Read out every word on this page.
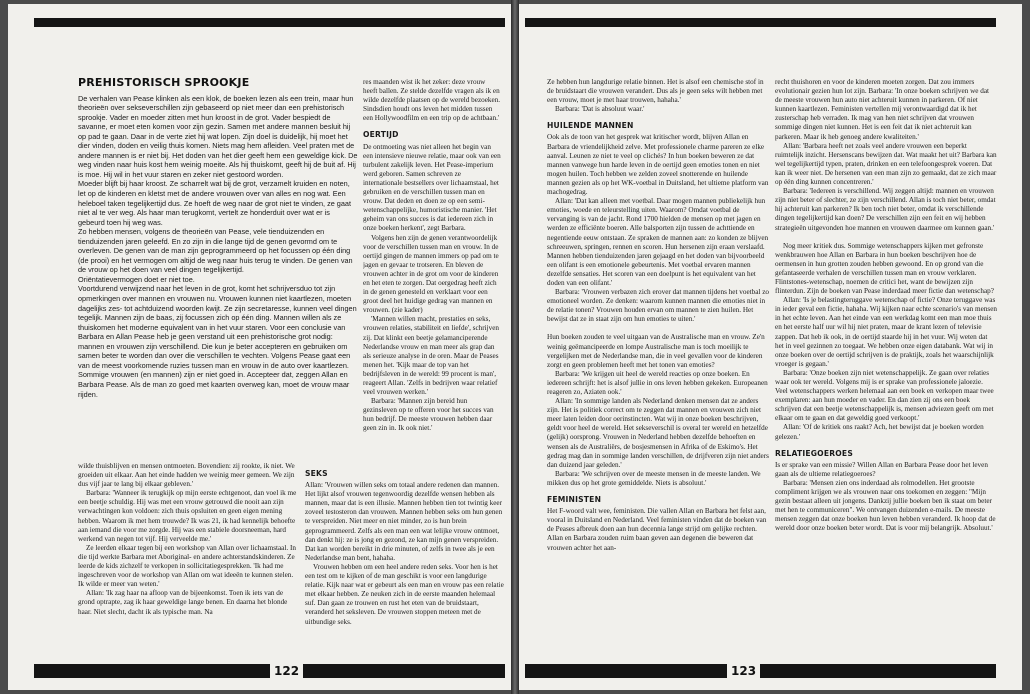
PREHISTORISCH SPROOKJE

De verhalen van Pease klinken als een klok, de boeken lezen als een trein, maar hun theorieën over sekseverschillen zijn gebaseerd op niet meer dan een prehistorisch sprookje. Vader en moeder zitten met hun kroost in de grot. Vader bespiedt de savanne, er moet eten komen voor zijn gezin. Samen met andere mannen besluit hij op pad te gaan. Daar in de verte ziet hij wat lopen. Zijn doel is duidelijk, hij moet het dier vinden, doden en veilig thuis komen. Niets mag hem afleiden. Veel praten met de andere mannen is er niet bij. Het doden van het dier geeft hem een geweldige kick. De weg vinden naar huis kost hem weinig moeite. Als hij thuiskomt, geeft hij de buit af. Hij is moe. Hij wil in het vuur staren en zeker niet gestoord worden.

Moeder blijft bij haar kroost. Ze scharrelt wat bij de grot, verzamelt kruiden en noten, let op de kinderen en kletst met de andere vrouwen over van alles en nog wat. Een heleboel taken tegelijkertijd dus. Ze hoeft de weg naar de grot niet te vinden, ze gaat niet al te ver weg. Als haar man terugkomt, vertelt ze honderduit over wat er is gebeurd toen hij weg was.

Zo hebben mensen, volgens de theorieën van Pease, vele tienduizenden en tienduizenden jaren geleefd. En zo zijn in die lange tijd de genen gevormd om te overleven. De genen van de man zijn geprogrammeerd op het focussen op één ding (de prooi) en het vermogen om altijd de weg naar huis terug te vinden. De genen van de vrouw op het doen van veel dingen tegelijkertijd.

Oriëntatievermogen doet er niet toe.

Voortdurend verwijzend naar het leven in de grot, komt het schrijversduo tot zijn opmerkingen over mannen en vrouwen nu. Vrouwen kunnen niet kaartlezen, moeten dagelijks zes- tot achtduizend woorden kwijt. Ze zijn secretaresse, kunnen veel dingen tegelijk. Mannen zijn de baas, zij focussen zich op één ding. Mannen willen als ze thuiskomen het moderne equivalent van in het vuur staren. Voor een conclusie van Barbara en Allan Pease heb je geen verstand uit een prehistorische grot nodig: mannen en vrouwen zijn verschillend. Die kun je beter accepteren en gebruiken om samen beter te worden dan over die verschillen te vechten. Volgens Pease gaat een van de meest voorkomende ruzies tussen man en vrouw in de auto over kaartlezen. Sommige vrouwen (en mannen) zijn er niet goed in. Accepteer dat, zeggen Allan en Barbara Pease. Als de man zo goed met kaarten overweg kan, moet de vrouw maar rijden.

res maanden wist ik het zeker: deze vrouw heeft ballen. Ze stelde dezelfde vragen als ik en wilde dezelfde plaatsen op de wereld bezoeken. Sindsdien houdt ons leven het midden tussen een Hollywoodfilm en een trip op de achtbaan.'

OERTIJD

De ontmoeting was niet alleen het begin van een intensieve nieuwe relatie, maar ook van een turbulent zakelijk leven. Het Pease-imperium werd geboren. Samen schreven ze internationale bestsellers over lichaamstaal, het gebruiken en de verschillen tussen man en vrouw. Dat deden en doen ze op een semi-wetenschappelijke, humoristische manier. 'Het geheim van ons succes is dat iedereen zich in onze boeken herkent', zegt Barbara.

Volgens hen zijn de genen verantwoordelijk voor de verschillen tussen man en vrouw. In de oertijd gingen de mannen immers op pad om te jagen en gevaar te trotseren. En bleven de vrouwen achter in de grot om voor de kinderen en het eten te zorgen. Dat oergedrag heeft zich in de genen genesteld en verklaart voor een groot deel het huidige gedrag van mannen en vrouwen. (zie kader)

'Mannen willen macht, prestaties en seks, vrouwen relaties, stabiliteit en liefde', schrijven zij. Dat klinkt een beetje gelamanciperende Nederlandse vrouw en man meer als grap dan als serieuze analyse in de oren. Maar de Peases menen het. 'Kijk maar de top van het bedrijfsleven in de wereld: 99 procent is man', reageert Allan. 'Zelfs in bedrijven waar relatief veel vrouwen werken.'

Barbara: 'Mannen zijn bereid hun gezinsleven op te offeren voor het succes van hun bedrijf. De meeste vrouwen hebben daar geen zin in. Ik ook niet.'

wilde thuisblijven en mensen ontmoeten. Bovendien: zij rookte, ik niet. We groeiden uit elkaar. Aan het einde hadden we weinig meer gemeen. We zijn dus vijf jaar te lang bij elkaar gebleven.'

Barbara: 'Wanneer ik terugkijk op mijn eerste echtgenoot, dan voel ik me een beetje schuldig. Hij was met een vrouw getrouwd die nooit aan zijn verwachtingen kon voldoen: zich thuis opsluiten en geen eigen mening hebben. Waarom ik met hem trouwde? Ik was 21, ik had kennelijk behoefte aan iemand die voor me zorgde. Hij was een stabiele doorsneeman, hard werkend van negen tot vijf. Hij verveelde me.'

Ze leerden elkaar tegen bij een workshop van Allan over lichaamstaal. In die tijd werkte Barbara met Aboriginal- en andere achterstandskinderen. Ze leerde de kids zichzelf te verkopen in sollicitatiegesprekken. 'Ik had me ingeschreven voor de workshop van Allan om wat ideeën te kunnen stelen. Ik wilde er meer van weten.'

Allan: 'Ik zag haar na afloop van de bijeenkomst. Toen ik iets van de grond optrapte, zag ik haar geweldige lange benen. En daarna het blonde haar. Niet slecht, dacht ik als typische man. Na

SEKS

Allan: 'Vrouwen willen seks om totaal andere redenen dan mannen. Het lijkt alsof vrouwen tegenwoordig dezelfde wensen hebben als mannen, maar dat is een illusie. Mannen hebben tien tot twintig keer zoveel testosteron dan vrouwen. Mannen hebben seks om hun genen te verspreiden. Niet meer en niet minder, zo is hun brein geprogrammeerd. Zelfs als een man een wat lelijke vrouw ontmoet, dan denkt hij: ze is jong en gezond, ze kan mijn genen verspreiden. Dat kan worden bereikt in drie minuten, of zelfs in twee als je een Nederlandse man bent, hahaha.

Vrouwen hebben om een heel andere reden seks. Voor hen is het een test om te kijken of de man geschikt is voor een langdurige relatie. Kijk naar wat er gebeurt als een man en vrouw pas een relatie met elkaar hebben. Ze neuken zich in de eerste maanden helemaal suf. Dan gaan ze trouwen en rust het eten van de bruidstaart, veranderd het seksleven. De vrouwen stoppen meteen met de uitbundige seks.

122

Ze hebben hun langdurige relatie binnen. Het is alsof een chemische stof in de bruidstaart die vrouwen verandert. Dus als je geen seks wilt hebben met een vrouw, moet je met haar trouwen, hahaha.'

Barbara: 'Dat is absoluut waar.'

HUILENDE MANNEN

Ook als de toon van het gesprek wat kritischer wordt, blijven Allan en Barbara de vriendelijkheid zelve. Met professionele charme pareren ze elke aanval. Leunen ze niet te veel op clichés? In hun boeken beweren ze dat mannen vanwege hun harde leven in de oertijd geen emoties tonen en niet mogen huilen. Toch hebben we zelden zoveel snotterende en huilende mannen gezien als op het WK-voetbal in Duitsland, het ultieme platform van machogedrag.

Allan: 'Dat kan alleen met voetbal. Daar mogen mannen publiekelijk hun emoties, woede en teleurstelling uiten. Waarom? Omdat voetbal de vervanging is van de jacht. Rond 1700 hielden de mensen op met jagen en werden ze efficiënte boeren. Alle balsporten zijn tussen de achttiende en negentiende eeuw ontstaan. Ze spraken de mannen aan: zo konden ze blijven schreeuwen, springen, rennen en scoren. Hun hersenen zijn eraan verslaafd. Mannen hebben tienduizenden jaren gejaagd en het doden van bijvoorbeeld een olifant is een emotionele gebeurtenis. Met voetbal ervaren mannen dezelfde sensaties. Het scoren van een doelpunt is het equivalent van het doden van een olifant.'

Barbara: 'Vrouwen verbazen zich erover dat mannen tijdens het voetbal zo emotioneel worden. Ze denken: waarom kunnen mannen die emoties niet in de relatie tonen? Vrouwen houden ervan om mannen te zien huilen. Het bewijst dat ze in staat zijn om hun emoties te uiten.'

Hun boeken zouden te veel uitgaan van de Australische man en vrouw. Ze'n weinig geëmancipeerde en lompe Australische man is toch moeilijk te vergelijken met de Nederlandse man, die in veel gevallen voor de kinderen zorgt en geen problemen heeft met het tonen van emoties?

Barbara: 'We krijgen uit heel de wereld reacties op onze boeken. En iedereen schrijft: het is alsof jullie in ons leven hebben gekeken. Europeanen reageren zo, Aziaten ook.'

Allan: 'In sommige landen als Nederland denken mensen dat ze anders zijn. Het is politiek correct om te zeggen dat mannen en vrouwen zich niet meer laten leiden door oerinstincten. Wat wij in onze boeken beschrijven, geldt voor heel de wereld. Het sekseverschil is overal ter wereld en hetzelfde (gelijk) oorsprong. Vrouwen in Nederland hebben dezelfde behoeften en wensen als de Australiërs, de bosjesmensen in Afrika of de Eskimo's. Het gedrag mag dan in sommige landen verschillen, de drijfveren zijn niet anders dan duizend jaar geleden.'

Barbara: 'We schrijven over de meeste mensen in de meeste landen. We mikken dus op het grote gemiddelde. Niets is absoluut.'

FEMINISTEN

Het F-woord valt wee, feministen. Die vallen Allan en Barbara het felst aan, vooral in Duitsland en Nederland. Veel feministen vinden dat de boeken van de Peases afbreuk doen aan hun decennia lange strijd om gelijke rechten. Allan en Barbara zouden ruim baan geven aan degenen die beweren dat vrouwen achter het aan-

recht thuishoren en voor de kinderen moeten zorgen. Dat zou immers evolutionair gezien hun lot zijn. Barbara: 'In onze boeken schrijven we dat de meeste vrouwen hun auto niet achteruit kunnen in parkeren. Of niet kunnen kaartlezen. Feministen vertellen mij verontwaardigd dat ik het zusterschap heb verraden. Ik mag van hen niet schrijven dat vrouwen sommige dingen niet kunnen. Het is een feit dat ik niet achteruit kan parkeren. Maar ik heb genoeg andere kwaliteiten.'

Allan: 'Barbara heeft net zoals veel andere vrouwen een beperkt ruimtelijk inzicht. Hersenscans bewijzen dat. Wat maakt het uit? Barbara kan wel tegelijkertijd typen, praten, drinken en een telefoongesprek voeren. Dat kan ik weer niet. De hersenen van een man zijn zo gemaakt, dat ze zich maar op één ding kunnen concentreren.'

Barbara: 'Iedereen is verschillend. Wij zeggen altijd: mannen en vrouwen zijn niet beter of slechter, ze zijn verschillend. Allan is toch niet beter, omdat hij achteruit kan parkeren? Ik ben toch niet beter, omdat ik verschillende dingen tegelijkertijd kan doen? De verschillen zijn een feit en wij hebben strategieën uitgevonden hoe mannen en vrouwen daarmee om kunnen gaan.'

Nog meer kritiek dus. Sommige wetenschappers kijken met gefronste wenkbrauwen hoe Allan en Barbara in hun boeken beschrijven hoe de oermensen in hun grotten zouden hebben gewoond. En op grond van die gefantaseerde verhalen de verschillen tussen man en vrouw verklaren. Flintstones-wetenschap, noemen de critici het, want de bewijzen zijn flinterdun. Zijn de boeken van Pease inderdaad meer fictie dan wetenschap?

Allan: 'Is je belastingteruggave wetenschap of fictie? Onze teruggave was in ieder geval een fictie, hahaha. Wij kijken naar echte scenario's van mensen in het echte leven. Aan het einde van een werkdag komt een man moe thuis en het eerste half uur wil hij niet praten, maar de krant lezen of televisie zappen. Dat heb ik ook, in de oertijd staarde hij in het vuur. Wij weten dat het in veel gezinnen zo toegaat. We hebben onze eigen databank. Wat wij in onze boeken over de oertijd schrijven is de praktijk, zoals het waarschijnlijk vroeger is gegaan.'

Barbara: 'Onze boeken zijn niet wetenschappelijk. Ze gaan over relaties waar ook ter wereld. Volgens mij is er sprake van professionele jaloezie. Veel wetenschappers werken helemaal aan een boek en verkopen maar twee exemplaren: aan hun moeder en vader. En dan zien zij ons een boek schrijven dat een beetje wetenschappelijk is, mensen adviezen geeft om met elkaar om te gaan en dat geweldig goed verkoopt.'

Allan: 'Of de kritiek ons raakt? Ach, het bewijst dat je boeken worden gelezen.'

RELATIEGOEROES

Is er sprake van een missie? Willen Allan en Barbara Pease door het leven gaan als de ultieme relatiegoeroes?

Barbara: 'Mensen zien ons inderdaad als rolmodellen. Het grootste compliment krijgen we als vrouwen naar ons toekomen en zeggen: "Mijn gezin bestaat alleen uit jongens. Dankzij jullie boeken ben ik staat om beter met hen te communiceren". We ontvangen duizenden e-mails. De meeste mensen zeggen dat onze boeken hun leven hebben veranderd. Ik hoop dat de wereld door onze boeken beter wordt. Dat is voor mij belangrijk. Absoluut.'

123
